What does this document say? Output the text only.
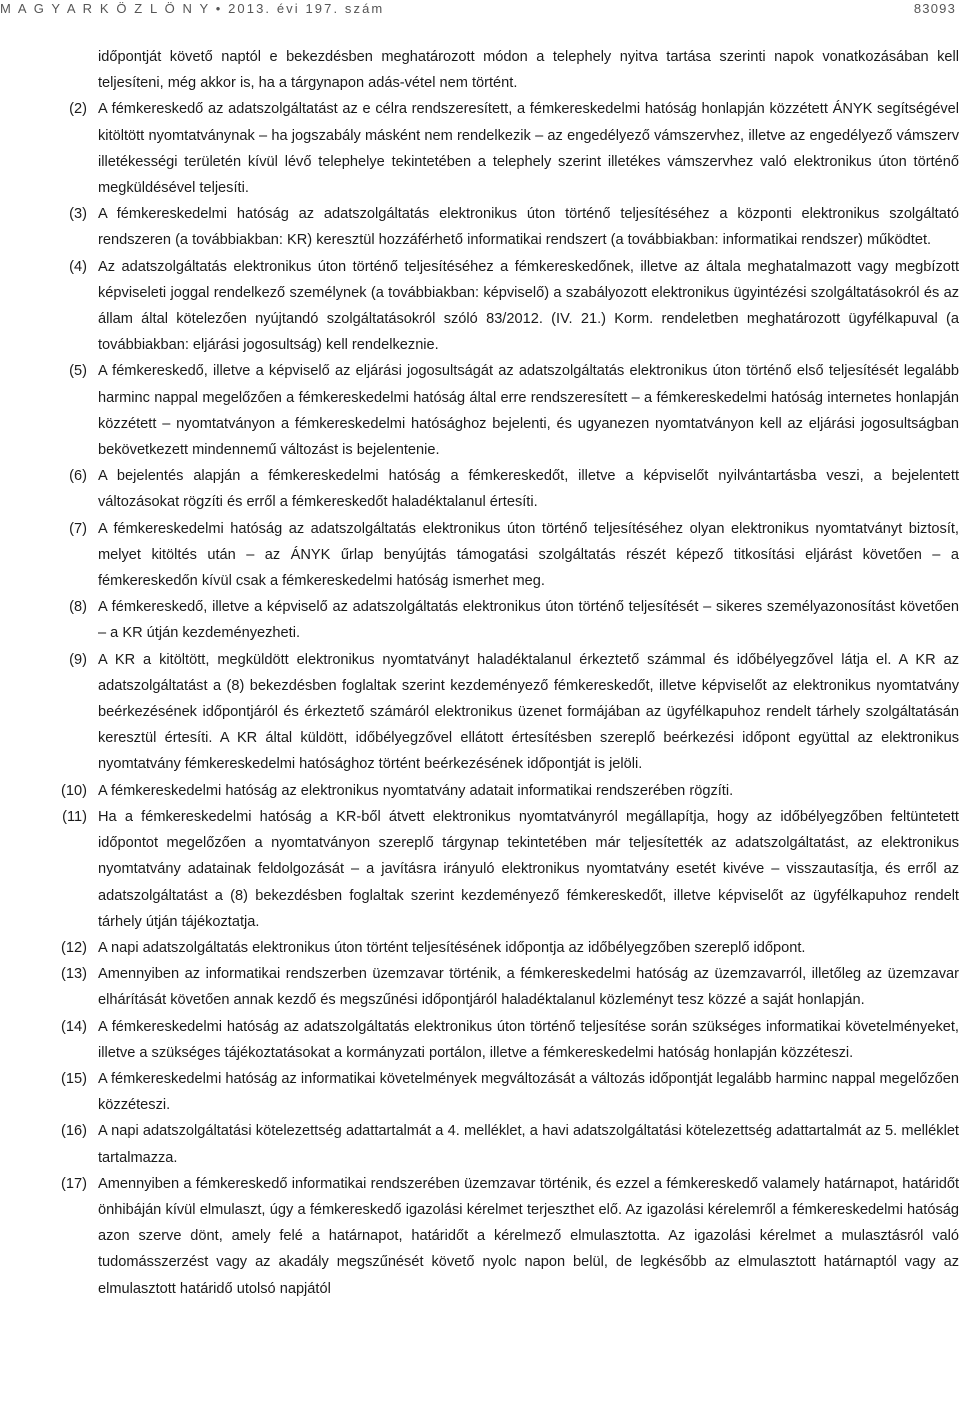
M A G Y A R K Ö Z L Ö N Y • 2013. évi 197. szám	83093

időpontját követő naptól e bekezdésben meghatározott módon a telephely nyitva tartása szerinti napok vonatkozásában kell teljesíteni, még akkor is, ha a tárgynapon adás-vétel nem történt.

(2) A fémkereskedő az adatszolgáltatást az e célra rendszeresített, a fémkereskedelmi hatóság honlapján közzétett ÁNYK segítségével kitöltött nyomtatványnak – ha jogszabály másként nem rendelkezik – az engedélyező vámszervhez, illetve az engedélyező vámszerv illetékességi területén kívül lévő telephelye tekintetében a telephely szerint illetékes vámszervhez való elektronikus úton történő megküldésével teljesíti.

(3) A fémkereskedelmi hatóság az adatszolgáltatás elektronikus úton történő teljesítéséhez a központi elektronikus szolgáltató rendszeren (a továbbiakban: KR) keresztül hozzáférhető informatikai rendszert (a továbbiakban: informatikai rendszer) működtet.

(4) Az adatszolgáltatás elektronikus úton történő teljesítéséhez a fémkereskedőnek, illetve az általa meghatalmazott vagy megbízott képviseleti joggal rendelkező személynek (a továbbiakban: képviselő) a szabályozott elektronikus ügyintézési szolgáltatásokról és az állam által kötelezően nyújtandó szolgáltatásokról szóló 83/2012. (IV. 21.) Korm. rendeletben meghatározott ügyfélkapuval (a továbbiakban: eljárási jogosultság) kell rendelkeznie.

(5) A fémkereskedő, illetve a képviselő az eljárási jogosultságát az adatszolgáltatás elektronikus úton történő első teljesítését legalább harminc nappal megelőzően a fémkereskedelmi hatóság által erre rendszeresített – a fémkereskedelmi hatóság internetes honlapján közzétett – nyomtatványon a fémkereskedelmi hatósághoz bejelenti, és ugyanezen nyomtatványon kell az eljárási jogosultságban bekövetkezett mindennemű változást is bejelentenie.

(6) A bejelentés alapján a fémkereskedelmi hatóság a fémkereskedőt, illetve a képviselőt nyilvántartásba veszi, a bejelentett változásokat rögzíti és erről a fémkereskedőt haladéktalanul értesíti.

(7) A fémkereskedelmi hatóság az adatszolgáltatás elektronikus úton történő teljesítéséhez olyan elektronikus nyomtatványt biztosít, melyet kitöltés után – az ÁNYK űrlap benyújtás támogatási szolgáltatás részét képező titkosítási eljárást követően – a fémkereskedőn kívül csak a fémkereskedelmi hatóság ismerhet meg.

(8) A fémkereskedő, illetve a képviselő az adatszolgáltatás elektronikus úton történő teljesítését – sikeres személyazonosítást követően – a KR útján kezdeményezheti.

(9) A KR a kitöltött, megküldött elektronikus nyomtatványt haladéktalanul érkeztető számmal és időbélyegzővel látja el. A KR az adatszolgáltatást a (8) bekezdésben foglaltak szerint kezdeményező fémkereskedőt, illetve képviselőt az elektronikus nyomtatvány beérkezésének időpontjáról és érkeztető számáról elektronikus üzenet formájában az ügyfélkapuhoz rendelt tárhely szolgáltatásán keresztül értesíti. A KR által küldött, időbélyegzővel ellátott értesítésben szereplő beérkezési időpont együttal az elektronikus nyomtatvány fémkereskedelmi hatósághoz történt beérkezésének időpontját is jelöli.

(10) A fémkereskedelmi hatóság az elektronikus nyomtatvány adatait informatikai rendszerében rögzíti.

(11) Ha a fémkereskedelmi hatóság a KR-ből átvett elektronikus nyomtatványról megállapítja, hogy az időbélyegzőben feltüntetett időpontot megelőzően a nyomtatványon szereplő tárgynap tekintetében már teljesítették az adatszolgáltatást, az elektronikus nyomtatvány adatainak feldolgozását – a javításra irányuló elektronikus nyomtatvány esetét kivéve – visszautasítja, és erről az adatszolgáltatást a (8) bekezdésben foglaltak szerint kezdeményező fémkereskedőt, illetve képviselőt az ügyfélkapuhoz rendelt tárhely útján tájékoztatja.

(12) A napi adatszolgáltatás elektronikus úton történt teljesítésének időpontja az időbélyegzőben szereplő időpont.

(13) Amennyiben az informatikai rendszerben üzemzavar történik, a fémkereskedelmi hatóság az üzemzavarról, illetőleg az üzemzavar elhárítását követően annak kezdő és megszűnési időpontjáról haladéktalanul közleményt tesz közzé a saját honlapján.

(14) A fémkereskedelmi hatóság az adatszolgáltatás elektronikus úton történő teljesítése során szükséges informatikai követelményeket, illetve a szükséges tájékoztatásokat a kormányzati portálon, illetve a fémkereskedelmi hatóság honlapján közzéteszi.

(15) A fémkereskedelmi hatóság az informatikai követelmények megváltozását a változás időpontját legalább harminc nappal megelőzően közzéteszi.

(16) A napi adatszolgáltatási kötelezettség adattartalmát a 4. melléklet, a havi adatszolgáltatási kötelezettség adattartalmát az 5. melléklet tartalmazza.

(17) Amennyiben a fémkereskedő informatikai rendszerében üzemzavar történik, és ezzel a fémkereskedő valamely határnapot, határidőt önhibáján kívül elmulaszt, úgy a fémkereskedő igazolási kérelmet terjeszthet elő. Az igazolási kérelemről a fémkereskedelmi hatóság azon szerve dönt, amely felé a határnapot, határidőt a kérelmező elmulasztotta. Az igazolási kérelmet a mulasztásról való tudomásszerzést vagy az akadály megszűnését követő nyolc napon belül, de legkésőbb az elmulasztott határnaptól vagy az elmulasztott határidő utolsó napjától
